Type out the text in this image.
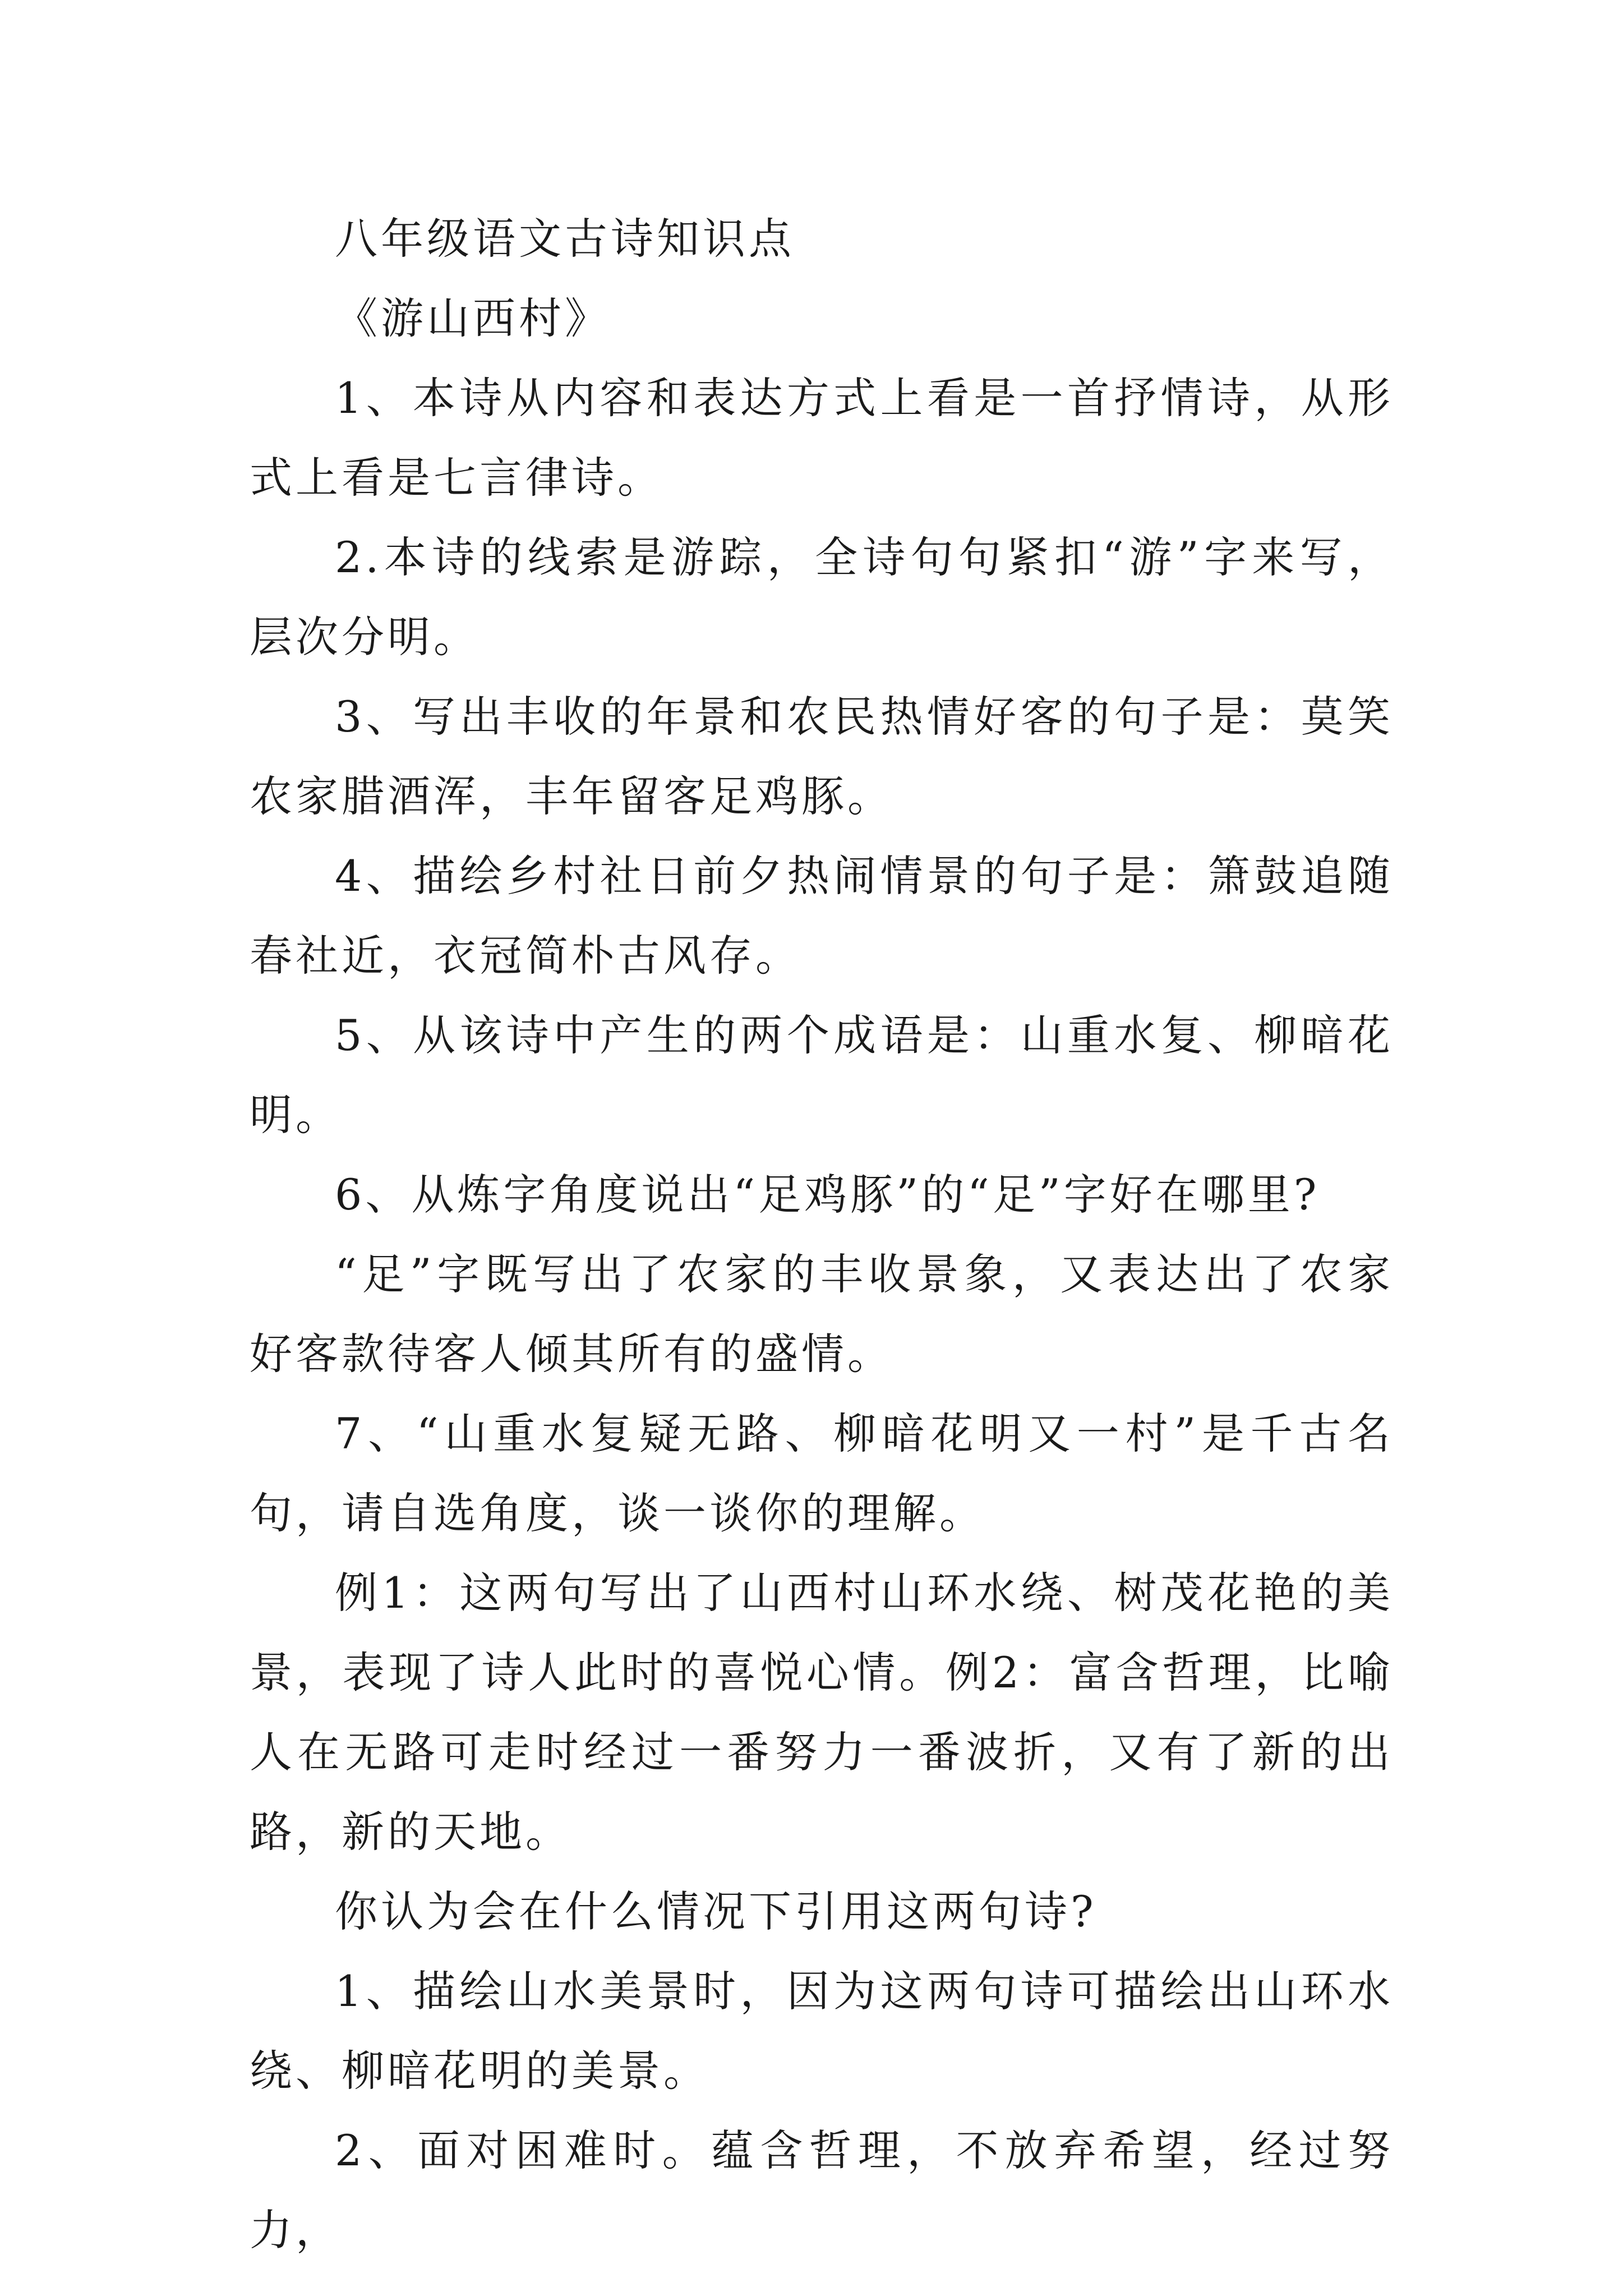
八年级语文古诗知识点

《游山西村》

1、本诗从内容和表达方式上看是一首抒情诗，从形式上看是七言律诗。

2.本诗的线索是游踪，全诗句句紧扣“游”字来写，层次分明。

3、写出丰收的年景和农民热情好客的句子是：莫笑农家腊酒浑，丰年留客足鸡豚。

4、描绘乡村社日前夕热闹情景的句子是：箫鼓追随春社近，衣冠简朴古风存。

5、从该诗中产生的两个成语是：山重水复、柳暗花明。

6、从炼字角度说出“足鸡豚”的“足”字好在哪里?

“足”字既写出了农家的丰收景象，又表达出了农家好客款待客人倾其所有的盛情。

7、“山重水复疑无路、柳暗花明又一村”是千古名句，请自选角度，谈一谈你的理解。

例1：这两句写出了山西村山环水绕、树茂花艳的美景，表现了诗人此时的喜悦心情。例2：富含哲理，比喻人在无路可走时经过一番努力一番波折，又有了新的出路，新的天地。

你认为会在什么情况下引用这两句诗?

1、描绘山水美景时，因为这两句诗可描绘出山环水绕、柳暗花明的美景。

2、面对困难时。蕴含哲理，不放弃希望，经过努力，
